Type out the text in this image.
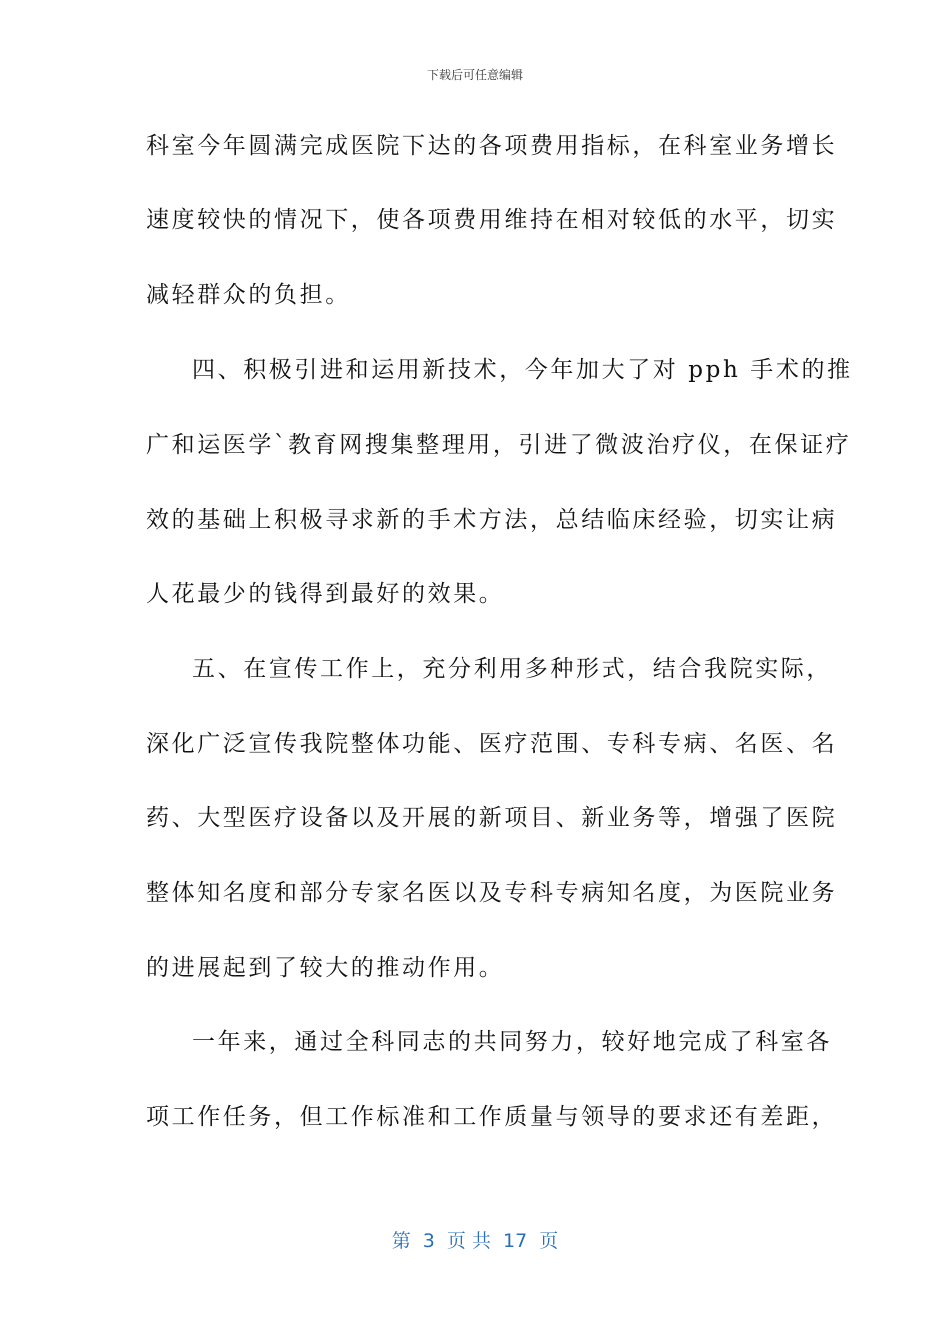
下载后可任意编辑
科室今年圆满完成医院下达的各项费用指标，在科室业务增长
速度较快的情况下，使各项费用维持在相对较低的水平，切实
减轻群众的负担。
四、积极引进和运用新技术，今年加大了对 pph 手术的推
广和运医学`教育网搜集整理用，引进了微波治疗仪，在保证疗
效的基础上积极寻求新的手术方法，总结临床经验，切实让病
人花最少的钱得到最好的效果。
五、在宣传工作上，充分利用多种形式，结合我院实际，
深化广泛宣传我院整体功能、医疗范围、专科专病、名医、名
药、大型医疗设备以及开展的新项目、新业务等，增强了医院
整体知名度和部分专家名医以及专科专病知名度，为医院业务
的进展起到了较大的推动作用。
一年来，通过全科同志的共同努力，较好地完成了科室各
项工作任务，但工作标准和工作质量与领导的要求还有差距，
第  3  页 共  17  页
